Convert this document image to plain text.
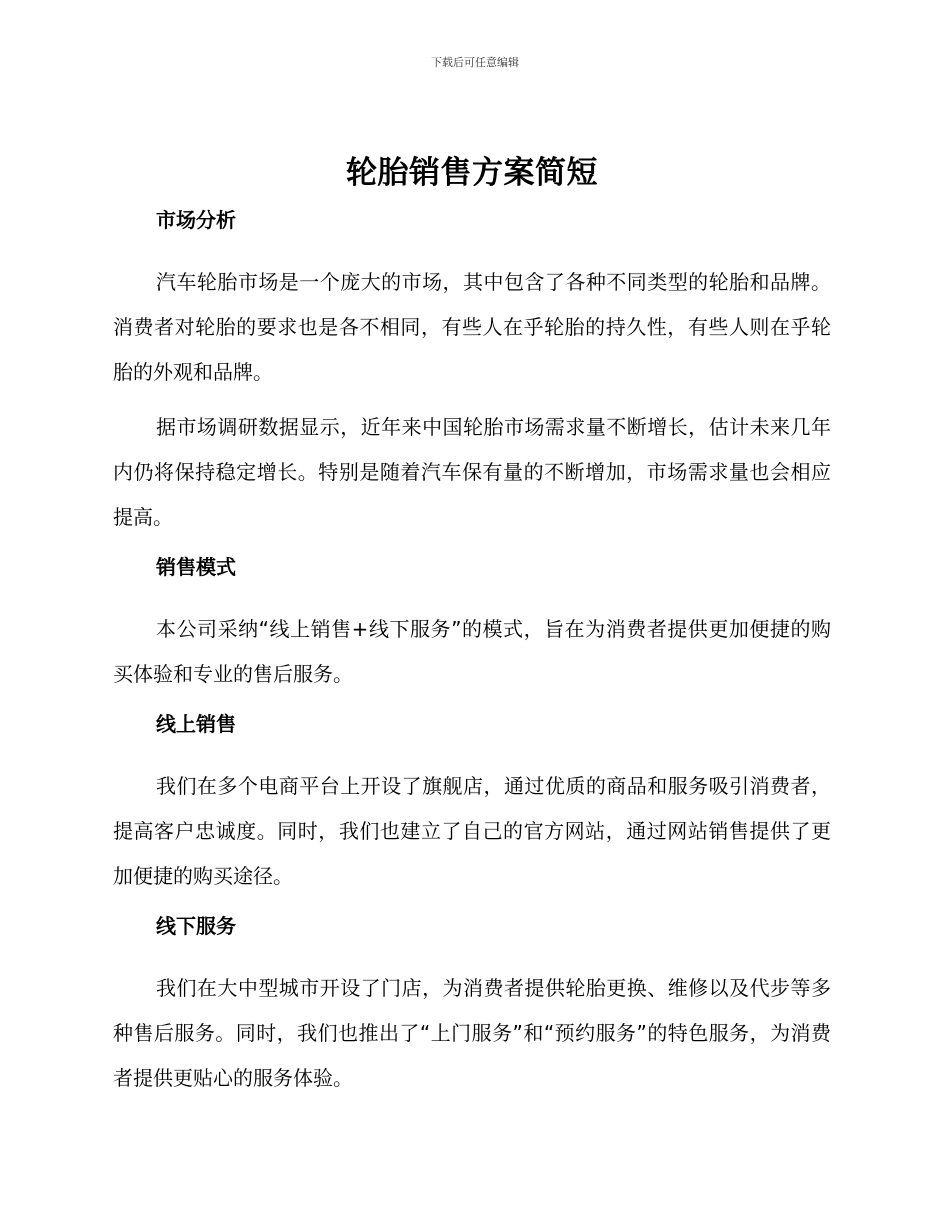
下载后可任意编辑
轮胎销售方案简短
市场分析

汽车轮胎市场是一个庞大的市场，其中包含了各种不同类型的轮胎和品牌。消费者对轮胎的要求也是各不相同，有些人在乎轮胎的持久性，有些人则在乎轮胎的外观和品牌。

据市场调研数据显示，近年来中国轮胎市场需求量不断增长，估计未来几年内仍将保持稳定增长。特别是随着汽车保有量的不断增加，市场需求量也会相应提高。

销售模式

本公司采纳“线上销售+线下服务”的模式，旨在为消费者提供更加便捷的购买体验和专业的售后服务。

线上销售

我们在多个电商平台上开设了旗舰店，通过优质的商品和服务吸引消费者，提高客户忠诚度。同时，我们也建立了自己的官方网站，通过网站销售提供了更加便捷的购买途径。

线下服务

我们在大中型城市开设了门店，为消费者提供轮胎更换、维修以及代步等多种售后服务。同时，我们也推出了“上门服务”和“预约服务”的特色服务，为消费者提供更贴心的服务体验。
